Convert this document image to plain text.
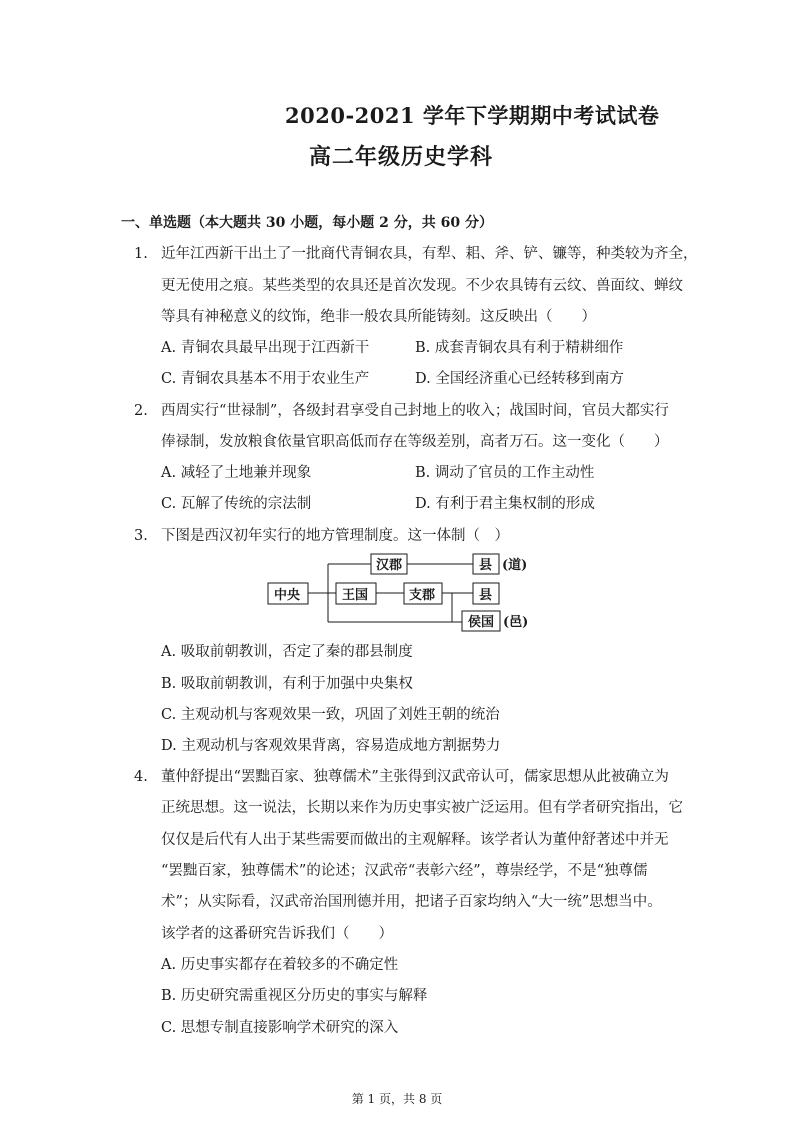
2020-2021 学年下学期期中考试试卷
高二年级历史学科
一、单选题（本大题共 30 小题，每小题 2 分，共 60 分）
1. 近年江西新干出土了一批商代青铜农具，有犁、耜、斧、铲、镰等，种类较为齐全，
更无使用之痕。某些类型的农具还是首次发现。不少农具铸有云纹、兽面纹、蝉纹
等具有神秘意义的纹饰，绝非一般农具所能铸刻。这反映出（　　）
A. 青铜农具最早出现于江西新干	B. 成套青铜农具有利于精耕细作
C. 青铜农具基本不用于农业生产	D. 全国经济重心已经转移到南方
2. 西周实行“世禄制”，各级封君享受自己封地上的收入；战国时间，官员大都实行
俸禄制，发放粮食依量官职高低而存在等级差别，高者万石。这一变化（　　）
A. 减轻了土地兼并现象	B. 调动了官员的工作主动性
C. 瓦解了传统的宗法制	D. 有利于君主集权制的形成
3. 下图是西汉初年实行的地方管理制度。这一体制（　）
中央
汉郡
王国	支郡
县 (道)
县
侯国 (邑)
A. 吸取前朝教训，否定了秦的郡县制度
B. 吸取前朝教训，有利于加强中央集权
C. 主观动机与客观效果一致，巩固了刘姓王朝的统治
D. 主观动机与客观效果背离，容易造成地方割据势力
4. 董仲舒提出“罢黜百家、独尊儒术”主张得到汉武帝认可，儒家思想从此被确立为
正统思想。这一说法，长期以来作为历史事实被广泛运用。但有学者研究指出，它
仅仅是后代有人出于某些需要而做出的主观解释。该学者认为董仲舒著述中并无
“罢黜百家，独尊儒术”的论述；汉武帝“表彰六经”，尊崇经学，不是“独尊儒
术”；从实际看，汉武帝治国刑德并用，把诸子百家均纳入“大一统”思想当中。
该学者的这番研究告诉我们（　　）
A. 历史事实都存在着较多的不确定性
B. 历史研究需重视区分历史的事实与解释
C. 思想专制直接影响学术研究的深入
第 1 页，共 8 页
